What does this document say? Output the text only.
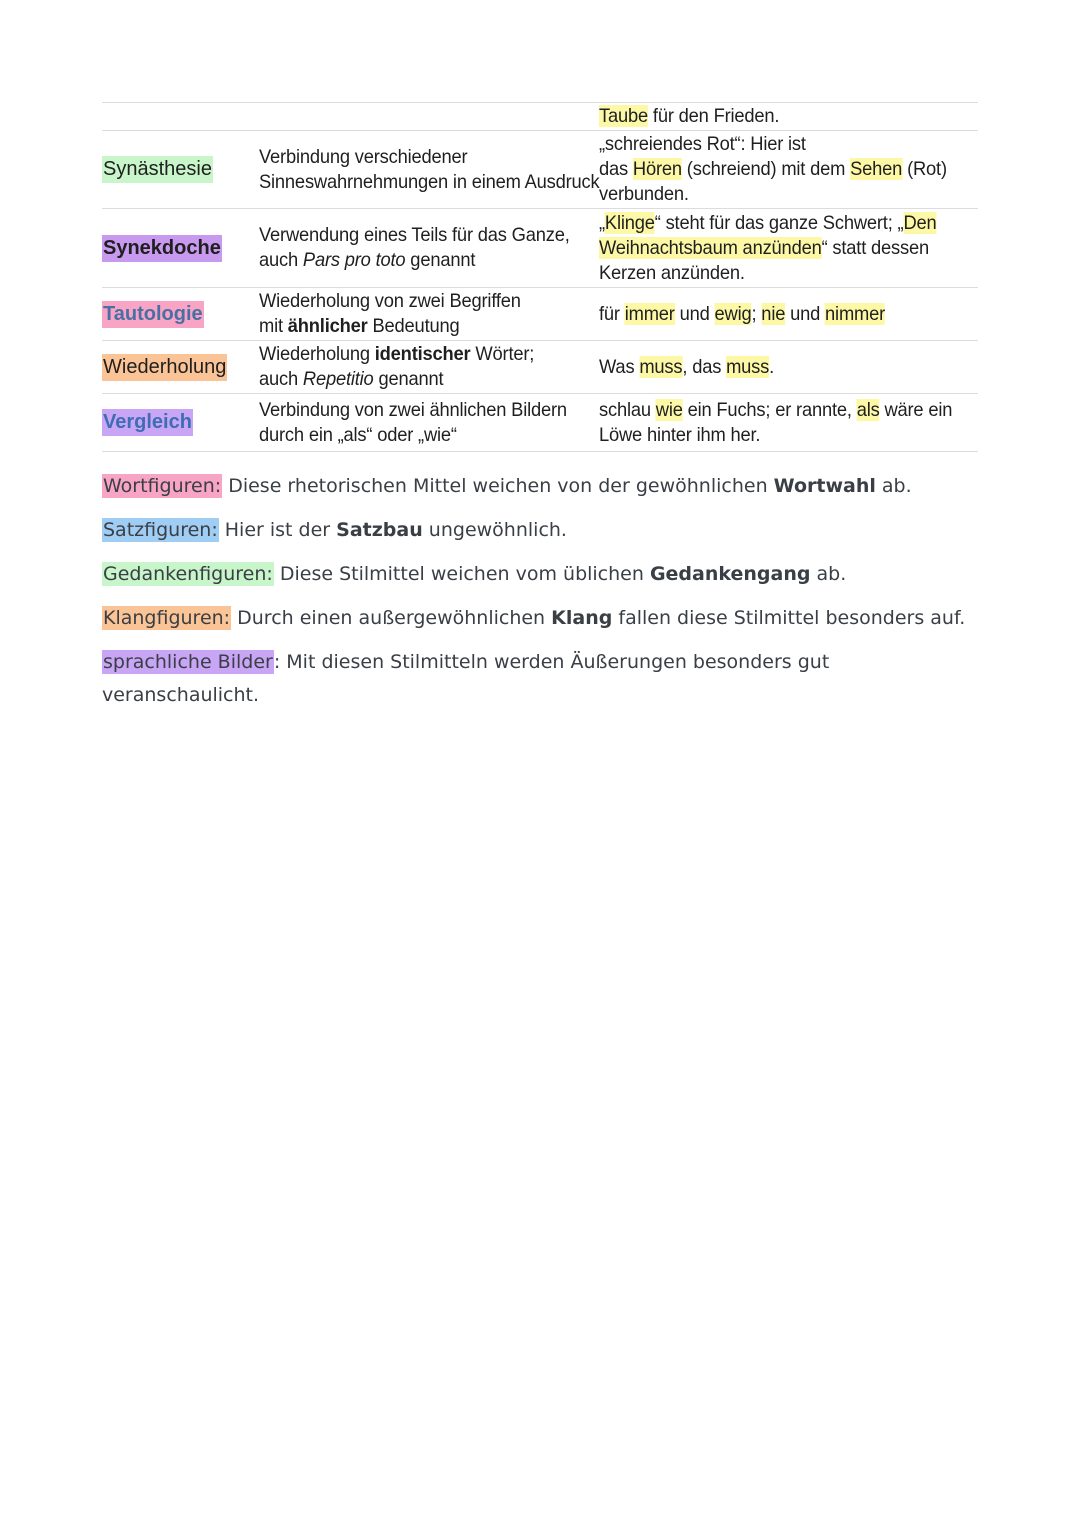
Taube für den Frieden.
Synästhesie
Verbindung verschiedener
Sinneswahrnehmungen in einem Ausdruck
„schreiendes Rot“: Hier ist
das Hören (schreiend) mit dem Sehen (Rot)
verbunden.
Synekdoche
Verwendung eines Teils für das Ganze,
auch Pars pro toto genannt
„Klinge“ steht für das ganze Schwert; „Den
Weihnachtsbaum anzünden“ statt dessen
Kerzen anzünden.
Tautologie
Wiederholung von zwei Begriffen
mit ähnlicher Bedeutung
für immer und ewig; nie und nimmer
Wiederholung
Wiederholung identischer Wörter;
auch Repetitio genannt
Was muss, das muss.
Vergleich
Verbindung von zwei ähnlichen Bildern
durch ein „als“ oder „wie“
schlau wie ein Fuchs; er rannte, als wäre ein
Löwe hinter ihm her.

Wortfiguren: Diese rhetorischen Mittel weichen von der gewöhnlichen Wortwahl ab.

Satzfiguren: Hier ist der Satzbau ungewöhnlich.

Gedankenfiguren: Diese Stilmittel weichen vom üblichen Gedankengang ab.

Klangfiguren: Durch einen außergewöhnlichen Klang fallen diese Stilmittel besonders auf.

sprachliche Bilder: Mit diesen Stilmitteln werden Äußerungen besonders gut

veranschaulicht.
